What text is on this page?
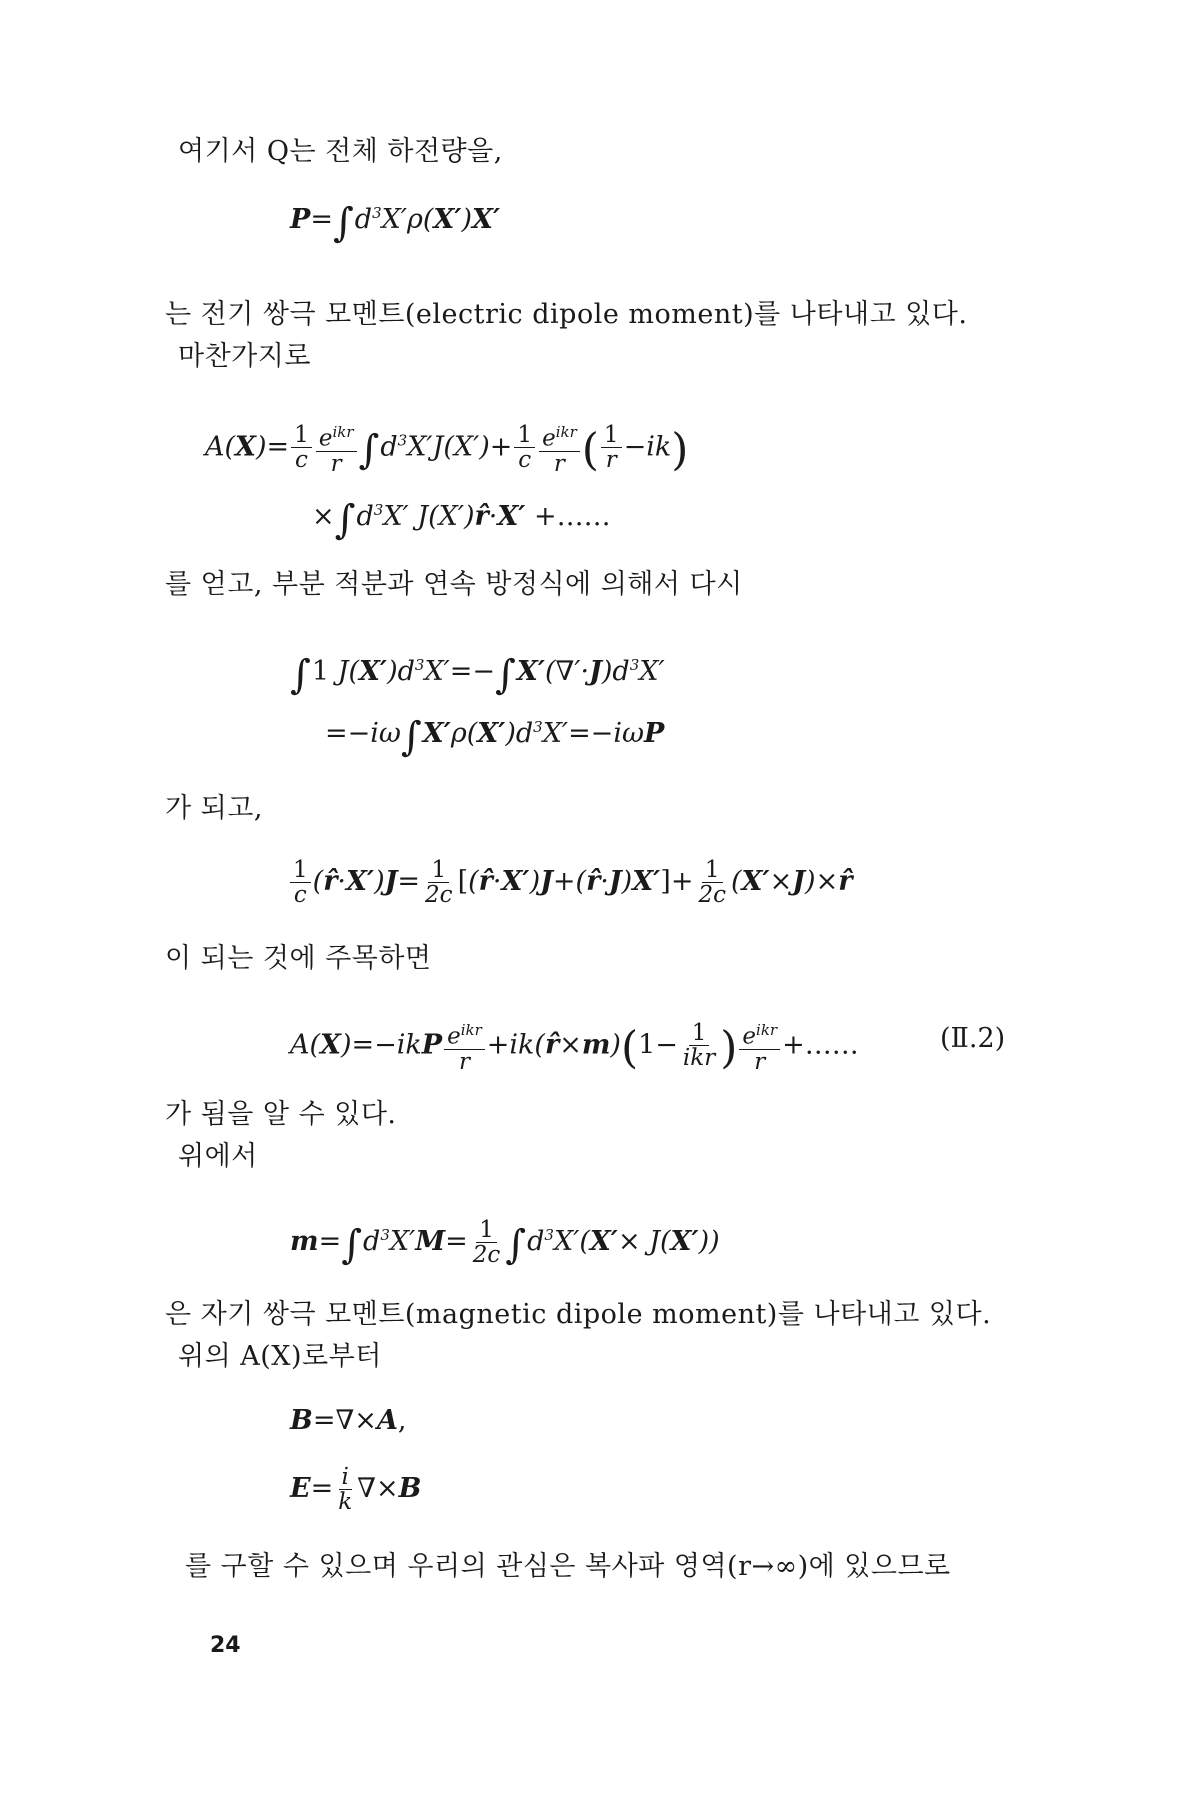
여기서 Q는 전체 하전량을,
$P=\int d^3X'\rho(X')X'$
는 전기 쌍극 모멘트(electric dipole moment)를 나타내고 있다.
마찬가지로
$A(X)= \frac{1}{c} \frac{e^{ikr}}{r} \int d^3X'J(X')+ \frac{1}{c} \frac{e^{ikr}}{r}$ ( $\frac{1}{r} -ik$)
$\times\int d^3X'$ J(X′)r̂·X′ +……
를 얻고, 부분 적분과 연속 방정식에 의해서 다시
∫1 $J(X')d^3X'=-\int X'(\nabla'\cdot J)d^3X'$
$=-i\omega\int X'\rho(X')d^3X'=-i\omega P$
가 되고,
$\frac{1}{c}$ (r̂·X′)J= $\frac{1}{2c}$ [(r̂·X′)J+(r̂·J)X′]+ $\frac{1}{2c}$ (X′×J)×r̂
이 되는 것에 주목하면
$A(X)=-ikP \frac{e^{ikr}}{r}$ +ik(r̂×m)(1− $\frac{1}{\text{ikr}}$ ) $\frac{e^{ikr}}{r}$ +……	(Ⅱ.2)
가 됨을 알 수 있다.
위에서
$m=\int d^3X'M= \frac{1}{2c} \int d^3X'(X'\times J(X'))$
은 자기 쌍극 모멘트(magnetic dipole moment)를 나타내고 있다.
위의 A(X)로부터
B=∇×A,
$E= \frac{i}{k} \nabla\times B$
를 구할 수 있으며 우리의 관심은 복사파 영역(r→∞)에 있으므로
24
